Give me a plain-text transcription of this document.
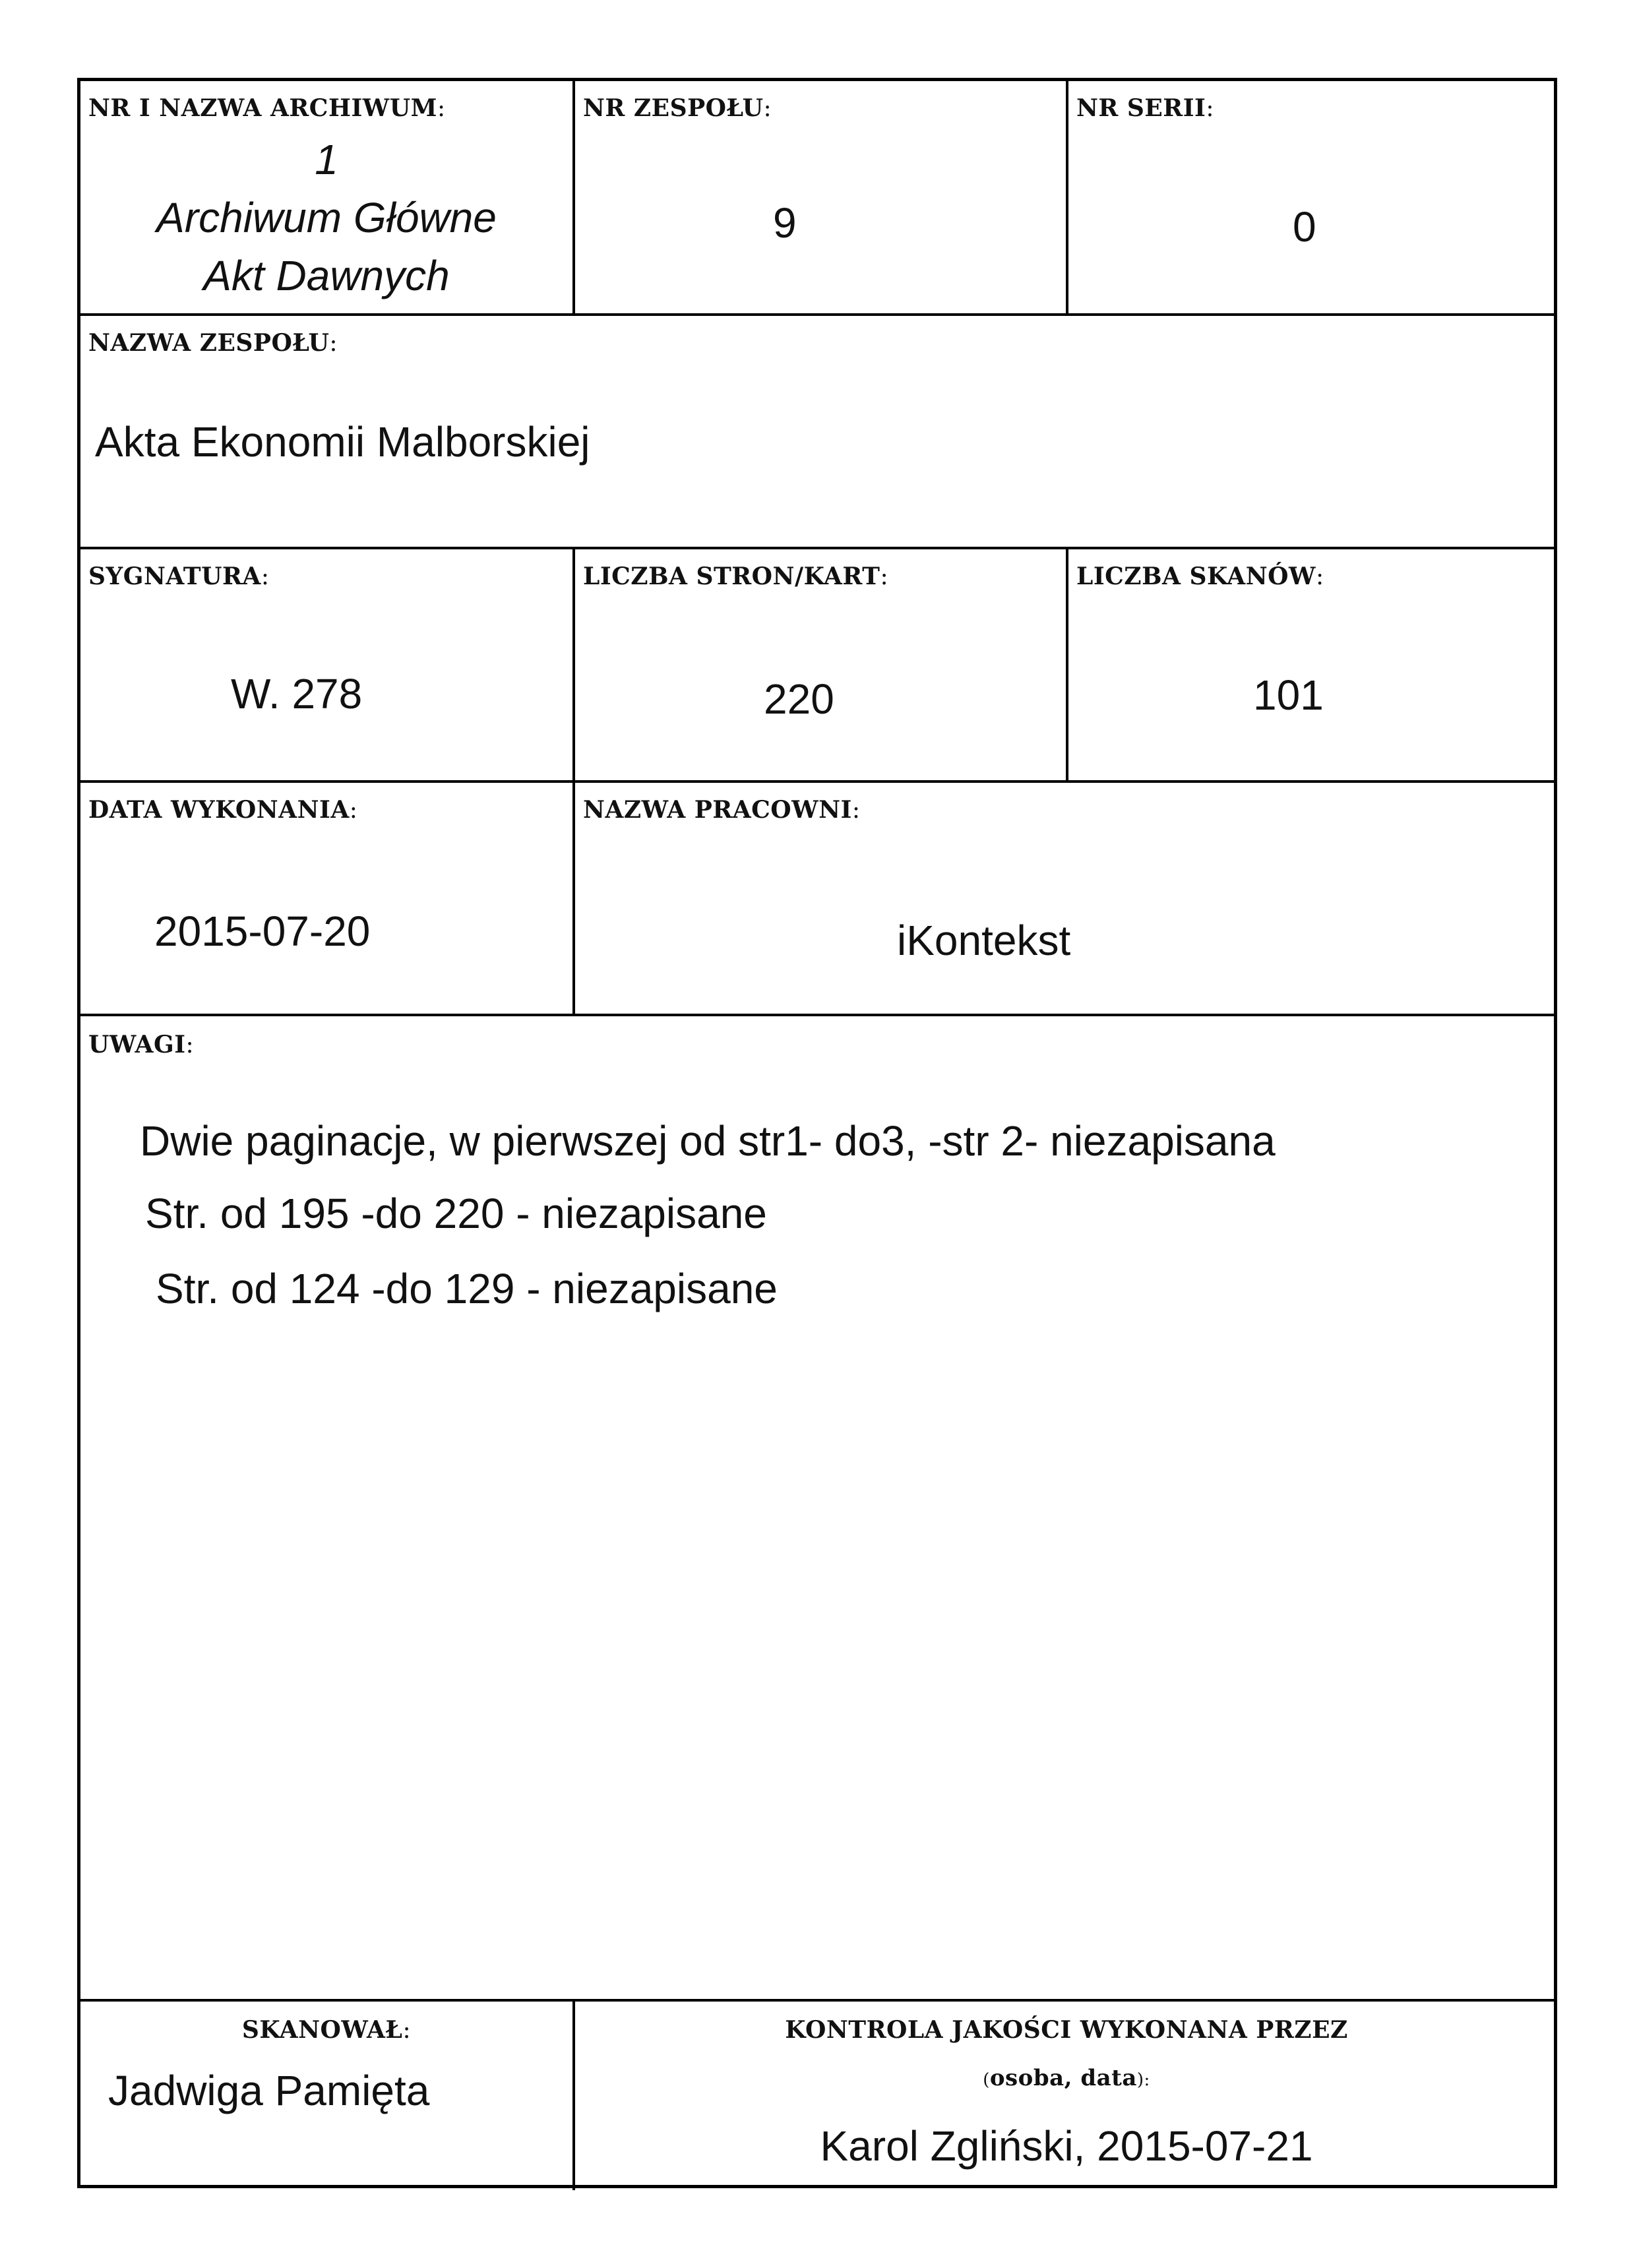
NR I NAZWA ARCHIWUM:
1
Archiwum Główne
Akt Dawnych
NR ZESPOŁU:
9
NR SERII:
0
NAZWA ZESPOŁU:
Akta Ekonomii Malborskiej
SYGNATURA:
W. 278
LICZBA STRON/KART:
220
LICZBA SKANÓW:
101
DATA WYKONANIA:
2015-07-20
NAZWA PRACOWNI:
iKontekst
UWAGI:
Dwie paginacje, w pierwszej od str1- do3, -str 2- niezapisana
Str. od 195 -do 220 - niezapisane
Str. od 124 -do 129 - niezapisane
SKANOWAŁ:
Jadwiga Pamięta
KONTROLA JAKOŚCI WYKONANA PRZEZ
(osoba, data):
Karol Zgliński, 2015-07-21
